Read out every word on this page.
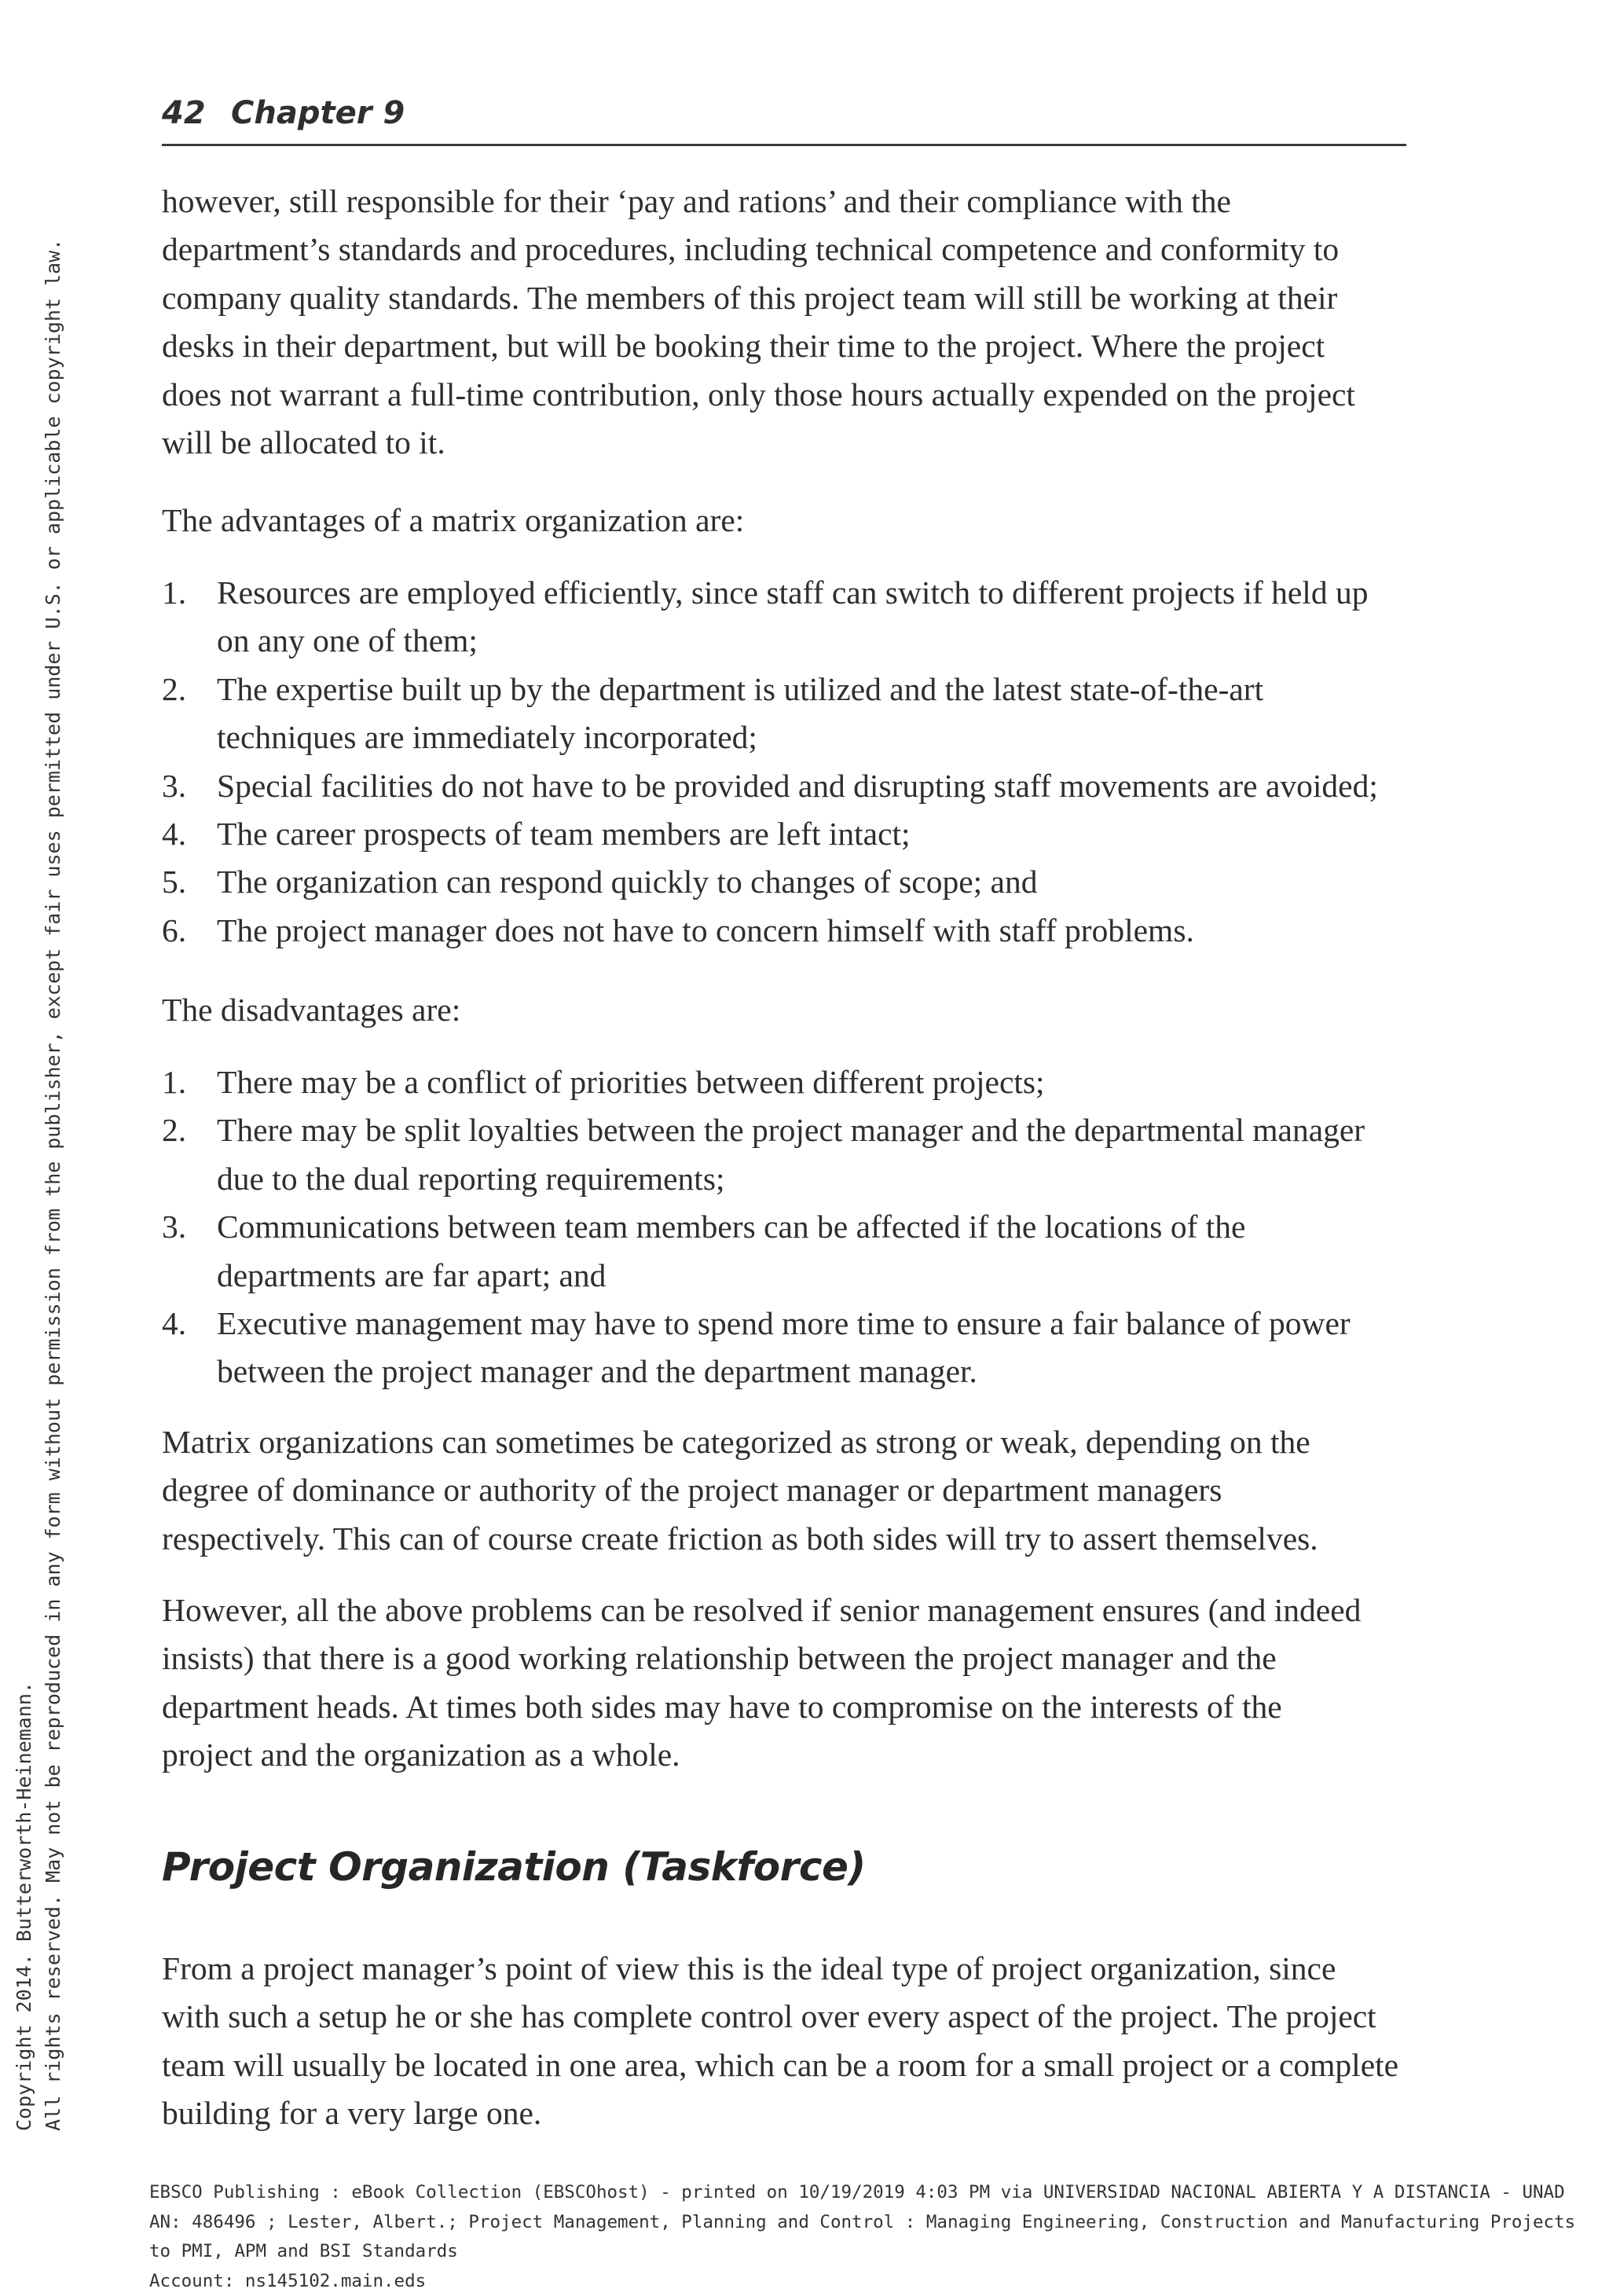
42 Chapter 9

however, still responsible for their ‘pay and rations’ and their compliance with the
department’s standards and procedures, including technical competence and conformity to
company quality standards. The members of this project team will still be working at their
desks in their department, but will be booking their time to the project. Where the project
does not warrant a full-time contribution, only those hours actually expended on the project
will be allocated to it.

The advantages of a matrix organization are:

1. Resources are employed efficiently, since staff can switch to different projects if held up
on any one of them;
2. The expertise built up by the department is utilized and the latest state-of-the-art
techniques are immediately incorporated;
3. Special facilities do not have to be provided and disrupting staff movements are avoided;
4. The career prospects of team members are left intact;
5. The organization can respond quickly to changes of scope; and
6. The project manager does not have to concern himself with staff problems.

The disadvantages are:

1. There may be a conflict of priorities between different projects;
2. There may be split loyalties between the project manager and the departmental manager
due to the dual reporting requirements;
3. Communications between team members can be affected if the locations of the
departments are far apart; and
4. Executive management may have to spend more time to ensure a fair balance of power
between the project manager and the department manager.

Matrix organizations can sometimes be categorized as strong or weak, depending on the
degree of dominance or authority of the project manager or department managers
respectively. This can of course create friction as both sides will try to assert themselves.

However, all the above problems can be resolved if senior management ensures (and indeed
insists) that there is a good working relationship between the project manager and the
department heads. At times both sides may have to compromise on the interests of the
project and the organization as a whole.

Project Organization (Taskforce)

From a project manager’s point of view this is the ideal type of project organization, since
with such a setup he or she has complete control over every aspect of the project. The project
team will usually be located in one area, which can be a room for a small project or a complete
building for a very large one.

Copyright 2014. Butterworth-Heinemann. All rights reserved. May not be reproduced in any form without permission from the publisher, except fair uses permitted under U.S. or applicable copyright law.
EBSCO Publishing : eBook Collection (EBSCOhost) - printed on 10/19/2019 4:03 PM via UNIVERSIDAD NACIONAL ABIERTA Y A DISTANCIA - UNAD
AN: 486496 ; Lester, Albert.; Project Management, Planning and Control : Managing Engineering, Construction and Manufacturing Projects
to PMI, APM and BSI Standards
Account: ns145102.main.eds
